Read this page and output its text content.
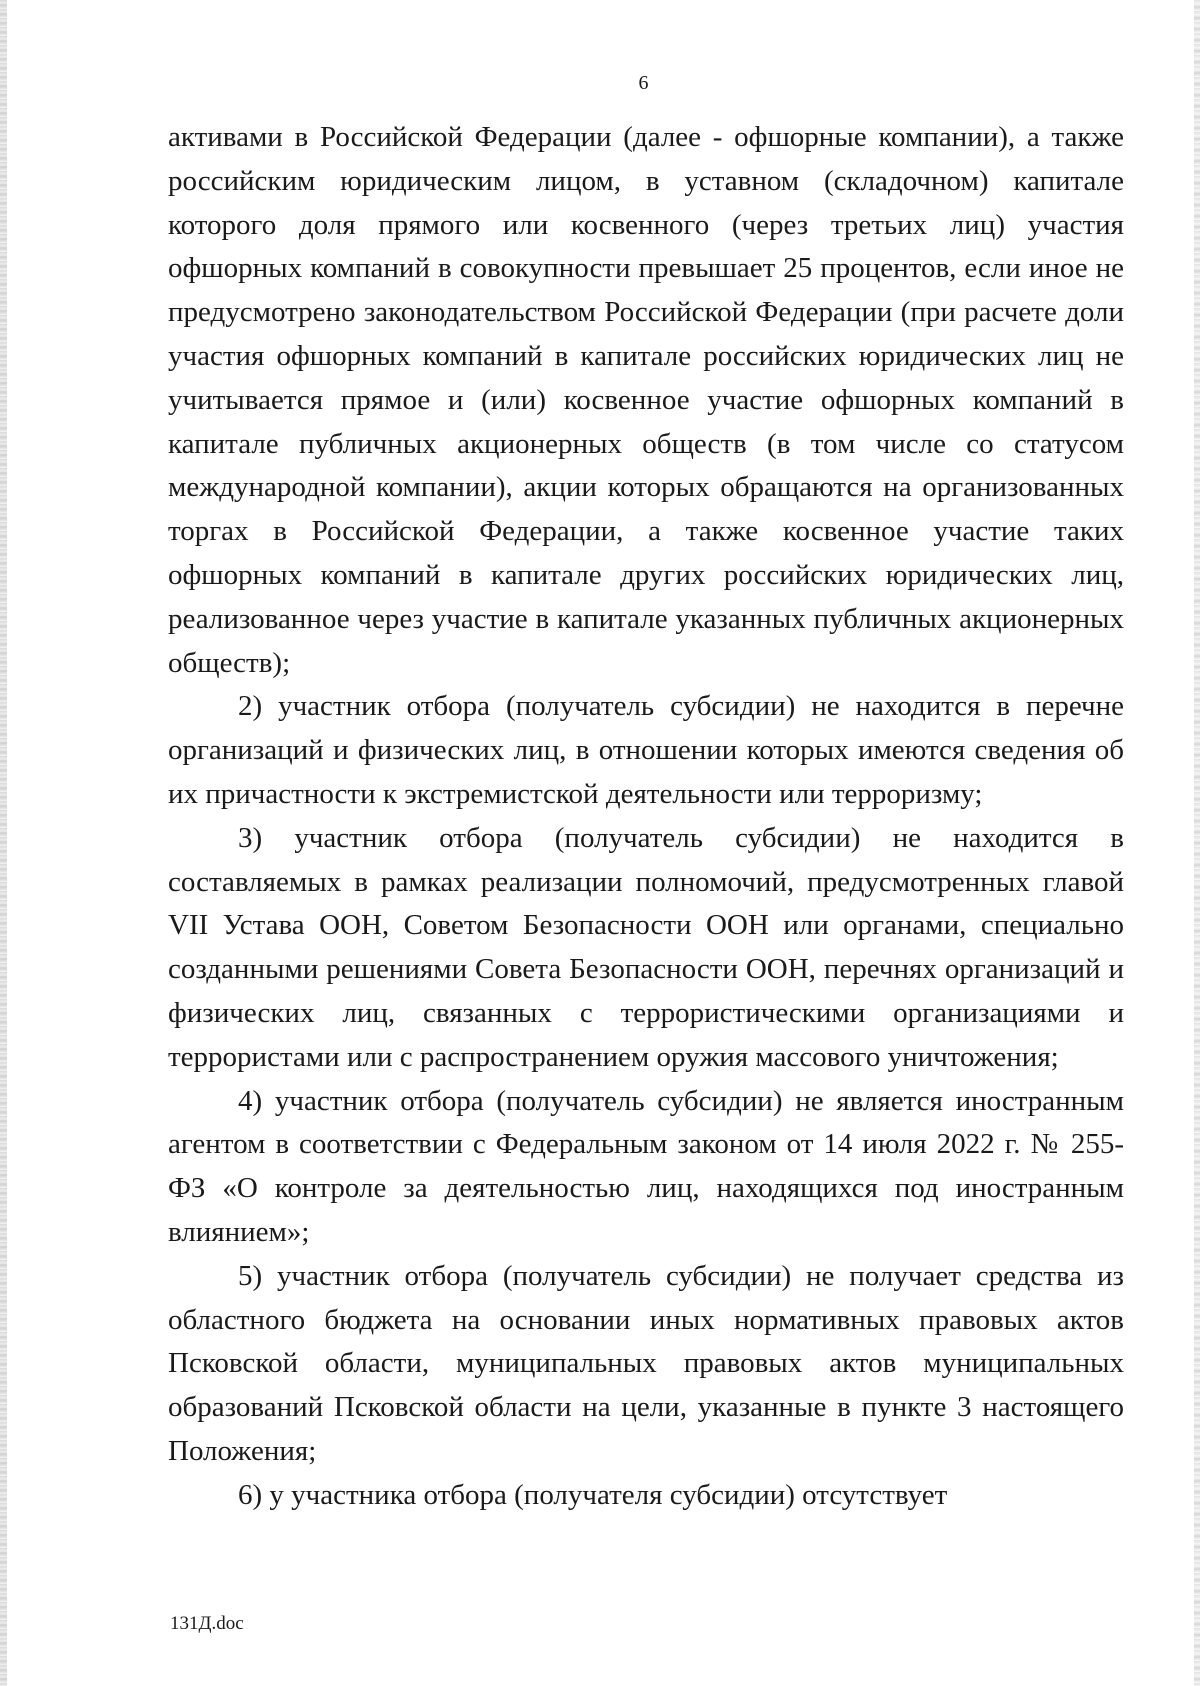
6

активами в Российской Федерации (далее - офшорные компании), а также российским юридическим лицом, в уставном (складочном) капитале которого доля прямого или косвенного (через третьих лиц) участия офшорных компаний в совокупности превышает 25 процентов, если иное не предусмотрено законодательством Российской Федерации (при расчете доли участия офшорных компаний в капитале российских юридических лиц не учитывается прямое и (или) косвенное участие офшорных компаний в капитале публичных акционерных обществ (в том числе со статусом международной компании), акции которых обращаются на организованных торгах в Российской Федерации, а также косвенное участие таких офшорных компаний в капитале других российских юридических лиц, реализованное через участие в капитале указанных публичных акционерных обществ);

2) участник отбора (получатель субсидии) не находится в перечне организаций и физических лиц, в отношении которых имеются сведения об их причастности к экстремистской деятельности или терроризму;

3) участник отбора (получатель субсидии) не находится в составляемых в рамках реализации полномочий, предусмотренных главой VII Устава ООН, Советом Безопасности ООН или органами, специально созданными решениями Совета Безопасности ООН, перечнях организаций и физических лиц, связанных с террористическими организациями и террористами или с распространением оружия массового уничтожения;

4) участник отбора (получатель субсидии) не является иностранным агентом в соответствии с Федеральным законом от 14 июля 2022 г. № 255-ФЗ «О контроле за деятельностью лиц, находящихся под иностранным влиянием»;

5) участник отбора (получатель субсидии) не получает средства из областного бюджета на основании иных нормативных правовых актов Псковской области, муниципальных правовых актов муниципальных образований Псковской области на цели, указанные в пункте 3 настоящего Положения;

6) у участника отбора (получателя субсидии) отсутствует

131Д.doc
